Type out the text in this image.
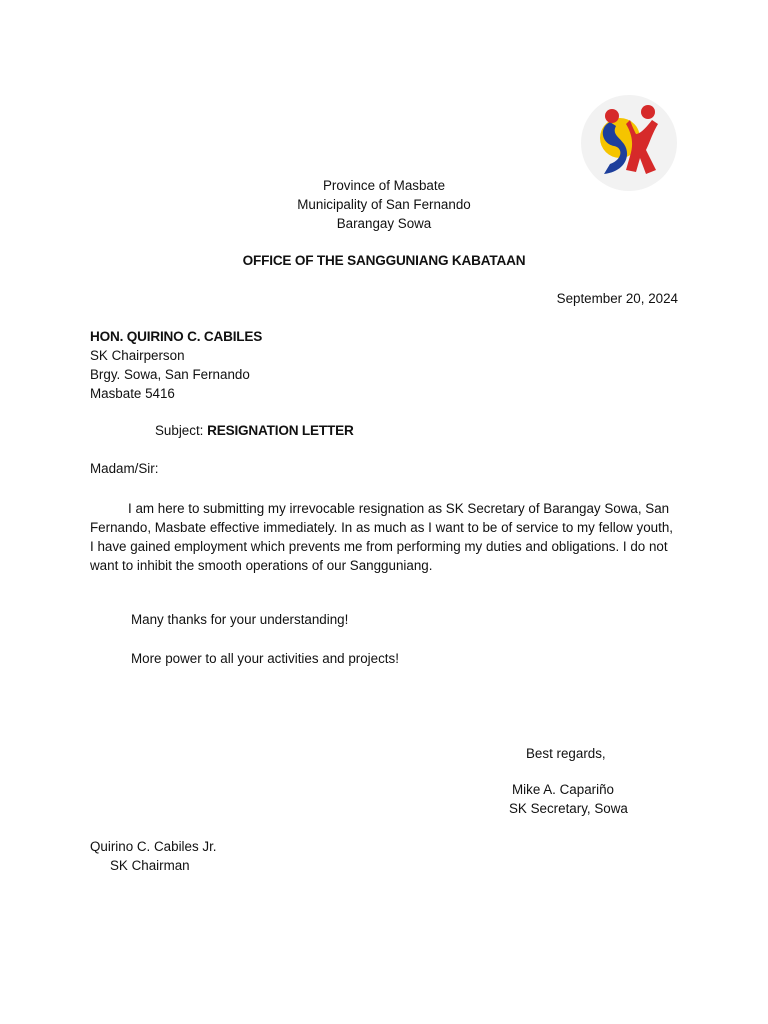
Province of Masbate
Municipality of San Fernando
Barangay Sowa
OFFICE OF THE SANGGUNIANG KABATAAN
September 20, 2024
HON. QUIRINO C. CABILES
SK Chairperson
Brgy. Sowa, San Fernando
Masbate 5416
Subject: RESIGNATION LETTER
Madam/Sir:
I am here to submitting my irrevocable resignation as SK Secretary of Barangay Sowa, San Fernando, Masbate effective immediately. In as much as I want to be of service to my fellow youth, I have gained employment which prevents me from performing my duties and obligations. I do not want to inhibit the smooth operations of our Sangguniang.
Many thanks for your understanding!
More power to all your activities and projects!
Best regards,
Mike A. Capariño
SK Secretary, Sowa
Quirino C. Cabiles Jr.
SK Chairman
